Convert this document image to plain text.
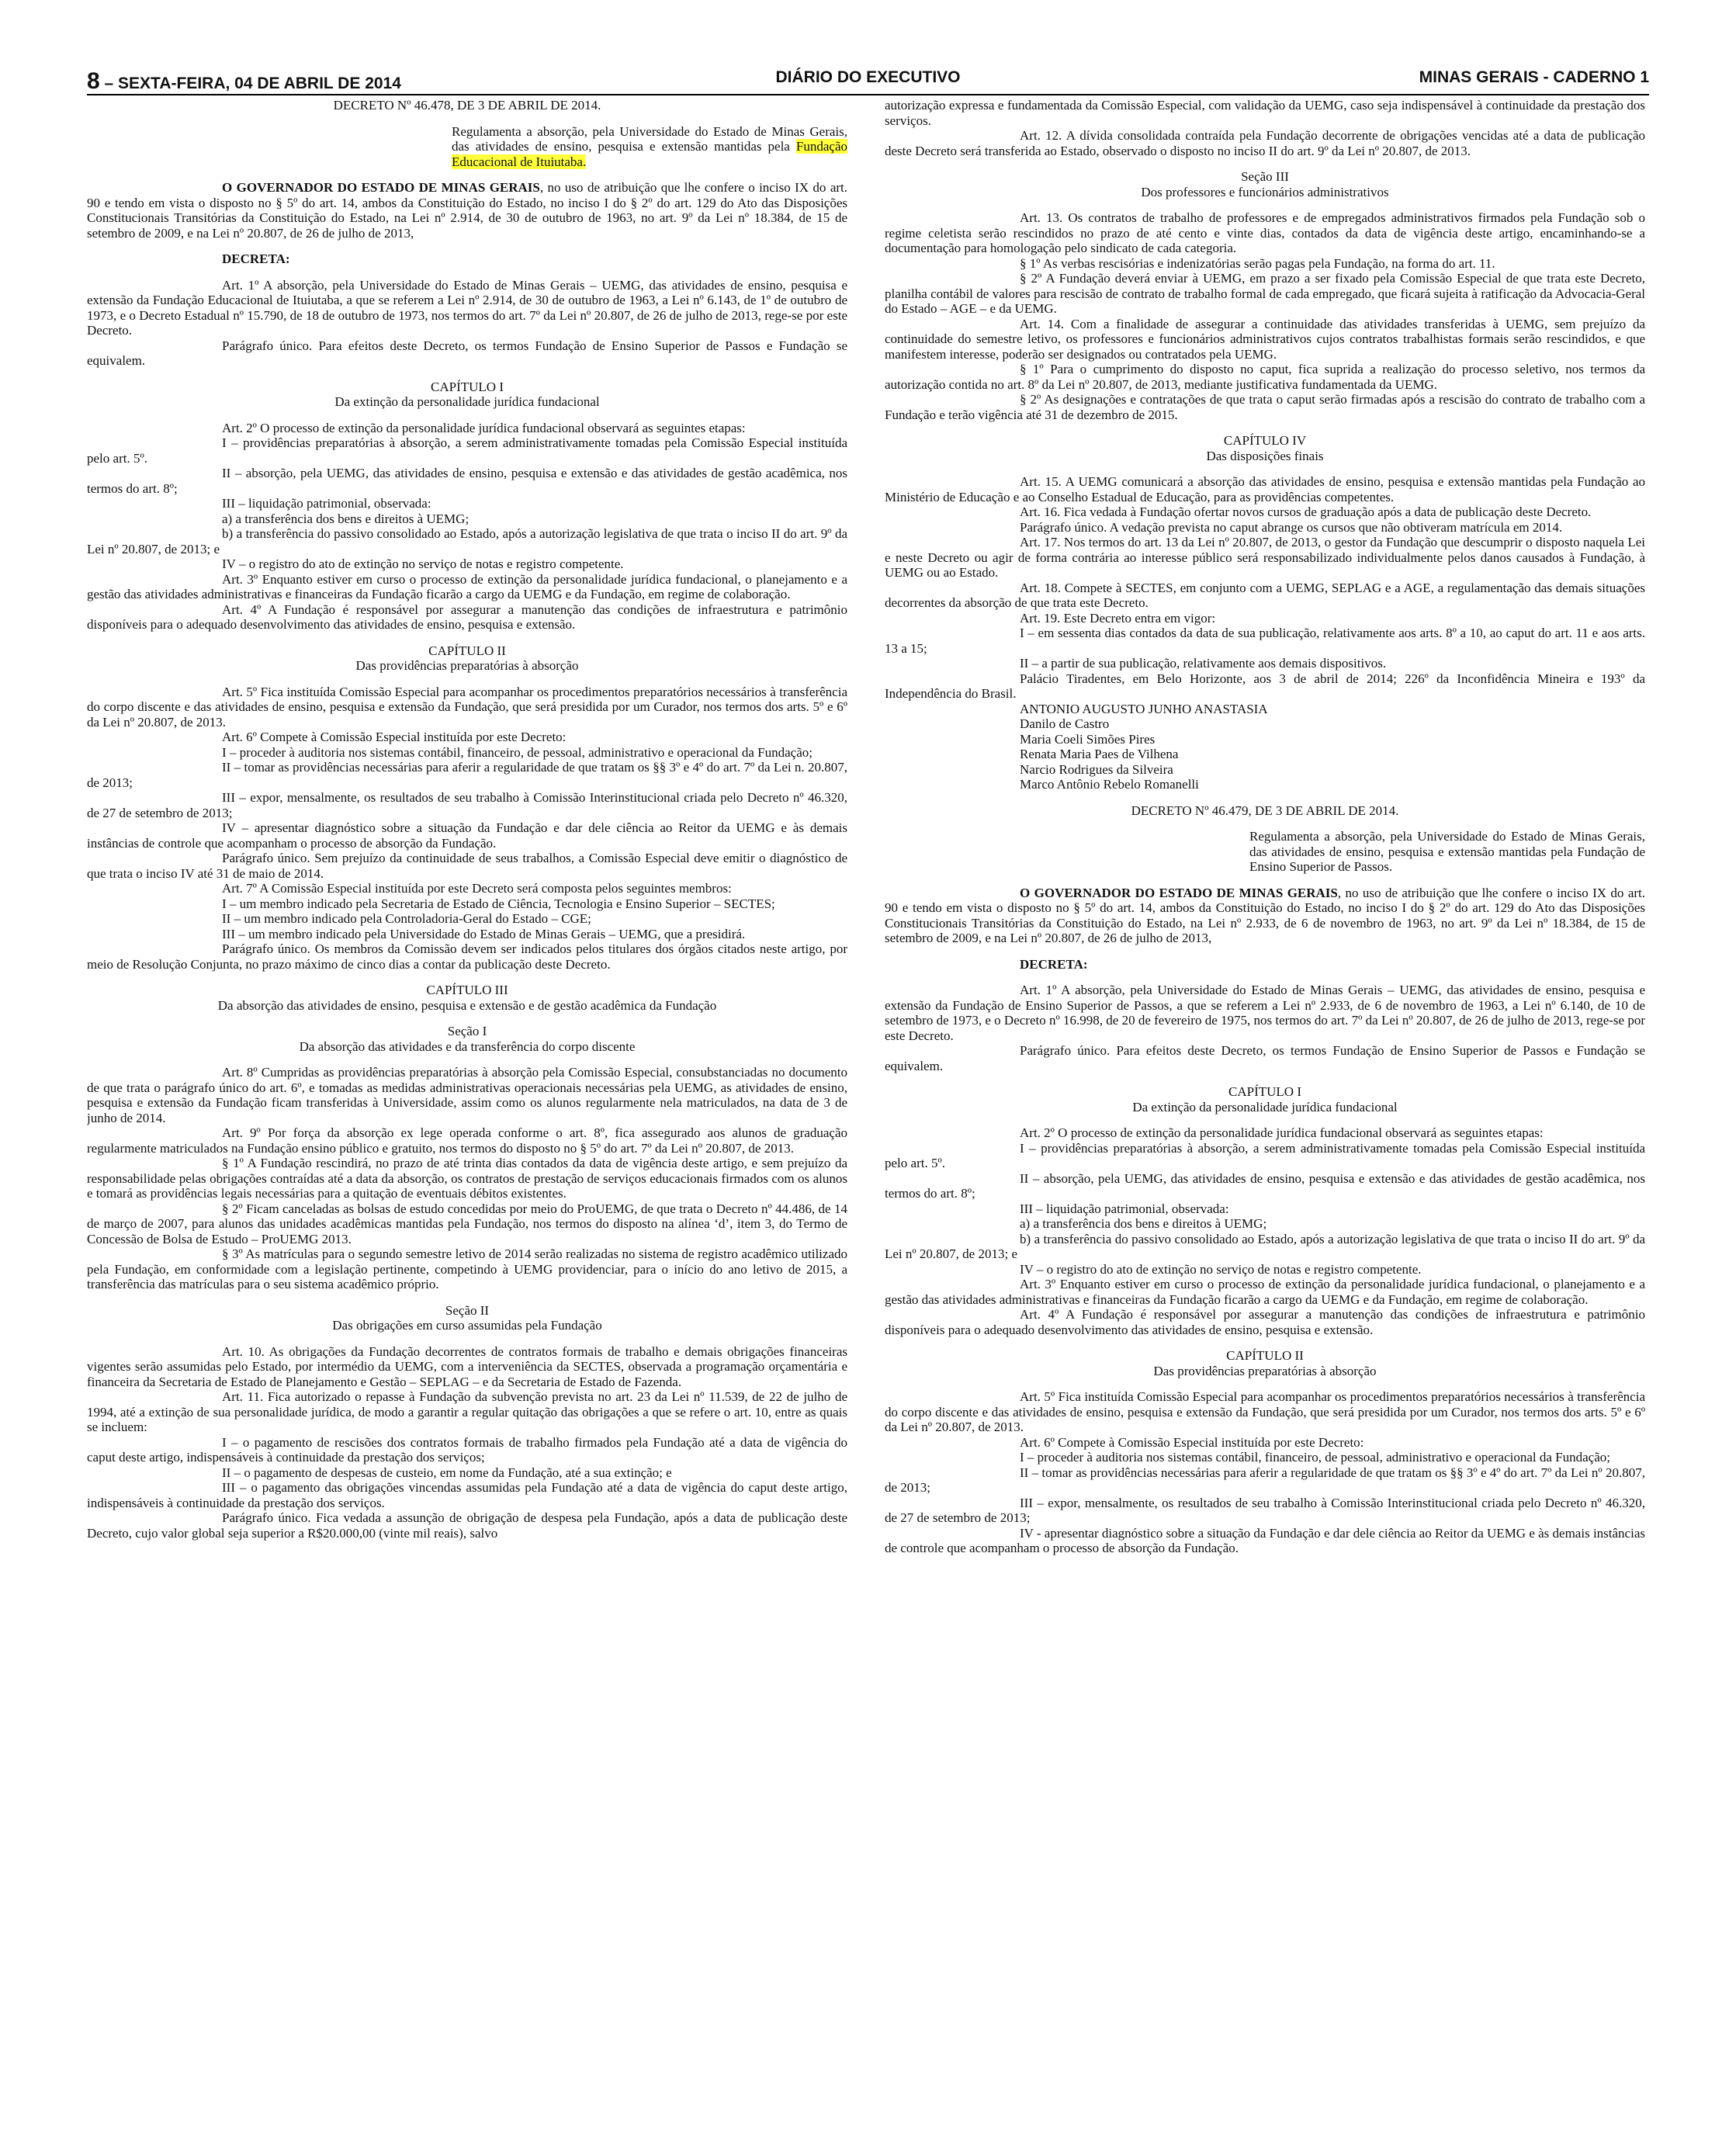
8 – SEXTA-FEIRA, 04 DE ABRIL DE 2014	DIÁRIO DO EXECUTIVO	MINAS GERAIS - CADERNO 1

DECRETO Nº 46.478, DE 3 DE ABRIL DE 2014.

Regulamenta a absorção, pela Universidade do Estado de Minas Gerais, das atividades de ensino, pesquisa e extensão mantidas pela Fundação Educacional de Ituiutaba.

O GOVERNADOR DO ESTADO DE MINAS GERAIS, no uso de atribuição que lhe confere o inciso IX do art. 90 e tendo em vista o disposto no § 5º do art. 14, ambos da Constituição do Estado, no inciso I do § 2º do art. 129 do Ato das Disposições Constitucionais Transitórias da Constituição do Estado, na Lei nº 2.914, de 30 de outubro de 1963, no art. 9º da Lei nº 18.384, de 15 de setembro de 2009, e na Lei nº 20.807, de 26 de julho de 2013,

DECRETA:

Art. 1º A absorção, pela Universidade do Estado de Minas Gerais – UEMG, das atividades de ensino, pesquisa e extensão da Fundação Educacional de Ituiutaba, a que se referem a Lei nº 2.914, de 30 de outubro de 1963, a Lei nº 6.143, de 1º de outubro de 1973, e o Decreto Estadual nº 15.790, de 18 de outubro de 1973, nos termos do art. 7º da Lei nº 20.807, de 26 de julho de 2013, rege-se por este Decreto.

Parágrafo único. Para efeitos deste Decreto, os termos Fundação de Ensino Superior de Passos e Fundação se equivalem.

CAPÍTULO I

Da extinção da personalidade jurídica fundacional

Art. 2º O processo de extinção da personalidade jurídica fundacional observará as seguintes etapas:

I – providências preparatórias à absorção, a serem administrativamente tomadas pela Comissão Especial instituída pelo art. 5º.

II – absorção, pela UEMG, das atividades de ensino, pesquisa e extensão e das atividades de gestão acadêmica, nos termos do art. 8º;

III – liquidação patrimonial, observada:

a) a transferência dos bens e direitos à UEMG;

b) a transferência do passivo consolidado ao Estado, após a autorização legislativa de que trata o inciso II do art. 9º da Lei nº 20.807, de 2013; e

IV – o registro do ato de extinção no serviço de notas e registro competente.

Art. 3º Enquanto estiver em curso o processo de extinção da personalidade jurídica fundacional, o planejamento e a gestão das atividades administrativas e financeiras da Fundação ficarão a cargo da UEMG e da Fundação, em regime de colaboração.

Art. 4º A Fundação é responsável por assegurar a manutenção das condições de infraestrutura e patrimônio disponíveis para o adequado desenvolvimento das atividades de ensino, pesquisa e extensão.

CAPÍTULO II

Das providências preparatórias à absorção

Art. 5º Fica instituída Comissão Especial para acompanhar os procedimentos preparatórios necessários à transferência do corpo discente e das atividades de ensino, pesquisa e extensão da Fundação, que será presidida por um Curador, nos termos dos arts. 5º e 6º da Lei nº 20.807, de 2013.

Art. 6º Compete à Comissão Especial instituída por este Decreto:

I – proceder à auditoria nos sistemas contábil, financeiro, de pessoal, administrativo e operacional da Fundação;

II – tomar as providências necessárias para aferir a regularidade de que tratam os §§ 3º e 4º do art. 7º da Lei n. 20.807, de 2013;

III – expor, mensalmente, os resultados de seu trabalho à Comissão Interinstitucional criada pelo Decreto nº 46.320, de 27 de setembro de 2013;

IV – apresentar diagnóstico sobre a situação da Fundação e dar dele ciência ao Reitor da UEMG e às demais instâncias de controle que acompanham o processo de absorção da Fundação.

Parágrafo único. Sem prejuízo da continuidade de seus trabalhos, a Comissão Especial deve emitir o diagnóstico de que trata o inciso IV até 31 de maio de 2014.

Art. 7º A Comissão Especial instituída por este Decreto será composta pelos seguintes membros:

I – um membro indicado pela Secretaria de Estado de Ciência, Tecnologia e Ensino Superior – SECTES;

II – um membro indicado pela Controladoria-Geral do Estado – CGE;

III – um membro indicado pela Universidade do Estado de Minas Gerais – UEMG, que a presidirá.

Parágrafo único. Os membros da Comissão devem ser indicados pelos titulares dos órgãos citados neste artigo, por meio de Resolução Conjunta, no prazo máximo de cinco dias a contar da publicação deste Decreto.

CAPÍTULO III

Da absorção das atividades de ensino, pesquisa e extensão e de gestão acadêmica da Fundação

Seção I

Da absorção das atividades e da transferência do corpo discente

Art. 8º Cumpridas as providências preparatórias à absorção pela Comissão Especial, consubstanciadas no documento de que trata o parágrafo único do art. 6º, e tomadas as medidas administrativas operacionais necessárias pela UEMG, as atividades de ensino, pesquisa e extensão da Fundação ficam transferidas à Universidade, assim como os alunos regularmente nela matriculados, na data de 3 de junho de 2014.

Art. 9º Por força da absorção ex lege operada conforme o art. 8º, fica assegurado aos alunos de graduação regularmente matriculados na Fundação ensino público e gratuito, nos termos do disposto no § 5º do art. 7º da Lei nº 20.807, de 2013.

§ 1º A Fundação rescindirá, no prazo de até trinta dias contados da data de vigência deste artigo, e sem prejuízo da responsabilidade pelas obrigações contraídas até a data da absorção, os contratos de prestação de serviços educacionais firmados com os alunos e tomará as providências legais necessárias para a quitação de eventuais débitos existentes.

§ 2º Ficam canceladas as bolsas de estudo concedidas por meio do ProUEMG, de que trata o Decreto nº 44.486, de 14 de março de 2007, para alunos das unidades acadêmicas mantidas pela Fundação, nos termos do disposto na alínea ‘d’, item 3, do Termo de Concessão de Bolsa de Estudo – ProUEMG 2013.

§ 3º As matrículas para o segundo semestre letivo de 2014 serão realizadas no sistema de registro acadêmico utilizado pela Fundação, em conformidade com a legislação pertinente, competindo à UEMG providenciar, para o início do ano letivo de 2015, a transferência das matrículas para o seu sistema acadêmico próprio.

Seção II

Das obrigações em curso assumidas pela Fundação

Art. 10. As obrigações da Fundação decorrentes de contratos formais de trabalho e demais obrigações financeiras vigentes serão assumidas pelo Estado, por intermédio da UEMG, com a interveniência da SECTES, observada a programação orçamentária e financeira da Secretaria de Estado de Planejamento e Gestão – SEPLAG – e da Secretaria de Estado de Fazenda.

Art. 11. Fica autorizado o repasse à Fundação da subvenção prevista no art. 23 da Lei nº 11.539, de 22 de julho de 1994, até a extinção de sua personalidade jurídica, de modo a garantir a regular quitação das obrigações a que se refere o art. 10, entre as quais se incluem:

I – o pagamento de rescisões dos contratos formais de trabalho firmados pela Fundação até a data de vigência do caput deste artigo, indispensáveis à continuidade da prestação dos serviços;

II – o pagamento de despesas de custeio, em nome da Fundação, até a sua extinção; e

III – o pagamento das obrigações vincendas assumidas pela Fundação até a data de vigência do caput deste artigo, indispensáveis à continuidade da prestação dos serviços.

Parágrafo único. Fica vedada a assunção de obrigação de despesa pela Fundação, após a data de publicação deste Decreto, cujo valor global seja superior a R$20.000,00 (vinte mil reais), salvo

autorização expressa e fundamentada da Comissão Especial, com validação da UEMG, caso seja indispensável à continuidade da prestação dos serviços.

Art. 12. A dívida consolidada contraída pela Fundação decorrente de obrigações vencidas até a data de publicação deste Decreto será transferida ao Estado, observado o disposto no inciso II do art. 9º da Lei nº 20.807, de 2013.

Seção III

Dos professores e funcionários administrativos

Art. 13. Os contratos de trabalho de professores e de empregados administrativos firmados pela Fundação sob o regime celetista serão rescindidos no prazo de até cento e vinte dias, contados da data de vigência deste artigo, encaminhando-se a documentação para homologação pelo sindicato de cada categoria.

§ 1º As verbas rescisórias e indenizatórias serão pagas pela Fundação, na forma do art. 11.

§ 2º A Fundação deverá enviar à UEMG, em prazo a ser fixado pela Comissão Especial de que trata este Decreto, planilha contábil de valores para rescisão de contrato de trabalho formal de cada empregado, que ficará sujeita à ratificação da Advocacia-Geral do Estado – AGE – e da UEMG.

Art. 14. Com a finalidade de assegurar a continuidade das atividades transferidas à UEMG, sem prejuízo da continuidade do semestre letivo, os professores e funcionários administrativos cujos contratos trabalhistas formais serão rescindidos, e que manifestem interesse, poderão ser designados ou contratados pela UEMG.

§ 1º Para o cumprimento do disposto no caput, fica suprida a realização do processo seletivo, nos termos da autorização contida no art. 8º da Lei nº 20.807, de 2013, mediante justificativa fundamentada da UEMG.

§ 2º As designações e contratações de que trata o caput serão firmadas após a rescisão do contrato de trabalho com a Fundação e terão vigência até 31 de dezembro de 2015.

CAPÍTULO IV

Das disposições finais

Art. 15. A UEMG comunicará a absorção das atividades de ensino, pesquisa e extensão mantidas pela Fundação ao Ministério de Educação e ao Conselho Estadual de Educação, para as providências competentes.

Art. 16. Fica vedada à Fundação ofertar novos cursos de graduação após a data de publicação deste Decreto.

Parágrafo único. A vedação prevista no caput abrange os cursos que não obtiveram matrícula em 2014.

Art. 17. Nos termos do art. 13 da Lei nº 20.807, de 2013, o gestor da Fundação que descumprir o disposto naquela Lei e neste Decreto ou agir de forma contrária ao interesse público será responsabilizado individualmente pelos danos causados à Fundação, à UEMG ou ao Estado.

Art. 18. Compete à SECTES, em conjunto com a UEMG, SEPLAG e a AGE, a regulamentação das demais situações decorrentes da absorção de que trata este Decreto.

Art. 19. Este Decreto entra em vigor:

I – em sessenta dias contados da data de sua publicação, relativamente aos arts. 8º a 10, ao caput do art. 11 e aos arts. 13 a 15;

II – a partir de sua publicação, relativamente aos demais dispositivos.

Palácio Tiradentes, em Belo Horizonte, aos 3 de abril de 2014; 226º da Inconfidência Mineira e 193º da Independência do Brasil.

ANTONIO AUGUSTO JUNHO ANASTASIA

Danilo de Castro

Maria Coeli Simões Pires

Renata Maria Paes de Vilhena

Narcio Rodrigues da Silveira

Marco Antônio Rebelo Romanelli

DECRETO Nº 46.479, DE 3 DE ABRIL DE 2014.

Regulamenta a absorção, pela Universidade do Estado de Minas Gerais, das atividades de ensino, pesquisa e extensão mantidas pela Fundação de Ensino Superior de Passos.

O GOVERNADOR DO ESTADO DE MINAS GERAIS, no uso de atribuição que lhe confere o inciso IX do art. 90 e tendo em vista o disposto no § 5º do art. 14, ambos da Constituição do Estado, no inciso I do § 2º do art. 129 do Ato das Disposições Constitucionais Transitórias da Constituição do Estado, na Lei nº 2.933, de 6 de novembro de 1963, no art. 9º da Lei nº 18.384, de 15 de setembro de 2009, e na Lei nº 20.807, de 26 de julho de 2013,

DECRETA:

Art. 1º A absorção, pela Universidade do Estado de Minas Gerais – UEMG, das atividades de ensino, pesquisa e extensão da Fundação de Ensino Superior de Passos, a que se referem a Lei nº 2.933, de 6 de novembro de 1963, a Lei nº 6.140, de 10 de setembro de 1973, e o Decreto nº 16.998, de 20 de fevereiro de 1975, nos termos do art. 7º da Lei nº 20.807, de 26 de julho de 2013, rege-se por este Decreto.

Parágrafo único. Para efeitos deste Decreto, os termos Fundação de Ensino Superior de Passos e Fundação se equivalem.

CAPÍTULO I

Da extinção da personalidade jurídica fundacional

Art. 2º O processo de extinção da personalidade jurídica fundacional observará as seguintes etapas:

I – providências preparatórias à absorção, a serem administrativamente tomadas pela Comissão Especial instituída pelo art. 5º.

II – absorção, pela UEMG, das atividades de ensino, pesquisa e extensão e das atividades de gestão acadêmica, nos termos do art. 8º;

III – liquidação patrimonial, observada:

a) a transferência dos bens e direitos à UEMG;

b) a transferência do passivo consolidado ao Estado, após a autorização legislativa de que trata o inciso II do art. 9º da Lei nº 20.807, de 2013; e

IV – o registro do ato de extinção no serviço de notas e registro competente.

Art. 3º Enquanto estiver em curso o processo de extinção da personalidade jurídica fundacional, o planejamento e a gestão das atividades administrativas e financeiras da Fundação ficarão a cargo da UEMG e da Fundação, em regime de colaboração.

Art. 4º A Fundação é responsável por assegurar a manutenção das condições de infraestrutura e patrimônio disponíveis para o adequado desenvolvimento das atividades de ensino, pesquisa e extensão.

CAPÍTULO II

Das providências preparatórias à absorção

Art. 5º Fica instituída Comissão Especial para acompanhar os procedimentos preparatórios necessários à transferência do corpo discente e das atividades de ensino, pesquisa e extensão da Fundação, que será presidida por um Curador, nos termos dos arts. 5º e 6º da Lei nº 20.807, de 2013.

Art. 6º Compete à Comissão Especial instituída por este Decreto:

I – proceder à auditoria nos sistemas contábil, financeiro, de pessoal, administrativo e operacional da Fundação;

II – tomar as providências necessárias para aferir a regularidade de que tratam os §§ 3º e 4º do art. 7º da Lei nº 20.807, de 2013;

III – expor, mensalmente, os resultados de seu trabalho à Comissão Interinstitucional criada pelo Decreto nº 46.320, de 27 de setembro de 2013;

IV - apresentar diagnóstico sobre a situação da Fundação e dar dele ciência ao Reitor da UEMG e às demais instâncias de controle que acompanham o processo de absorção da Fundação.
